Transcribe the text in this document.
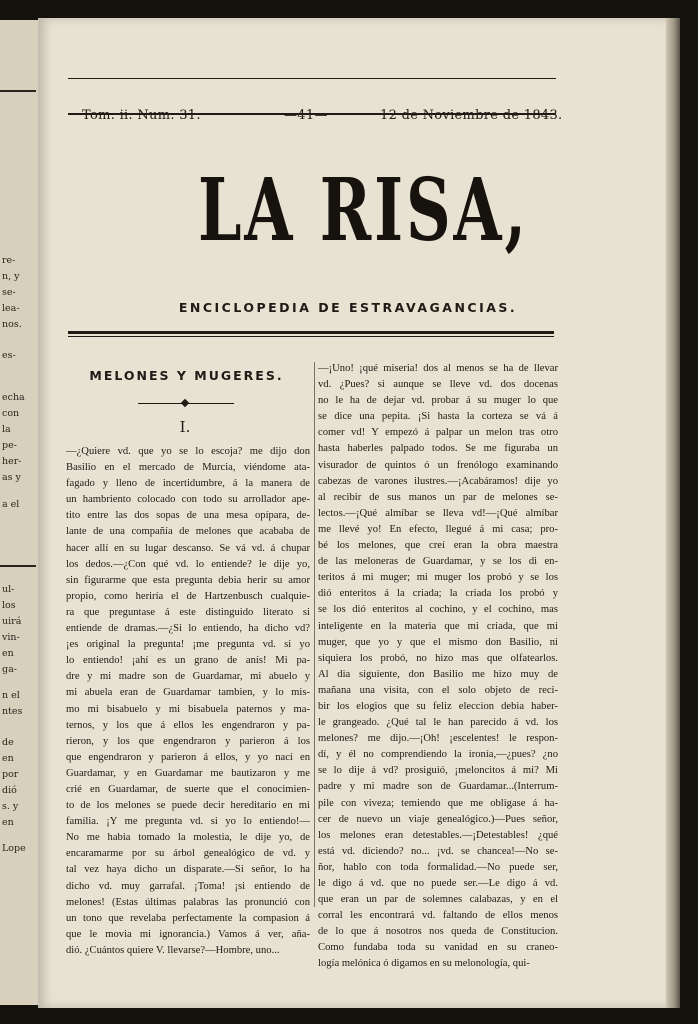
re-
n, y
se-
lea-
nos.
es-
echa
con
la
pe-
her-
as y
a el
ul-
los
uirá
vin-
en
ga-
n el
ntes
de
en
por
dió
s. y
en
Lope
Tom. ii. Num. 31.	—41—	12 de Noviembre de 1843.
LA RISA,
ENCICLOPEDIA DE ESTRAVAGANCIAS.
MELONES Y MUGERES.
I.
—¿Quiere vd. que yo se lo escoja? me dijo don
Basilio en el mercado de Murcia, viéndome ata-
fagado y lleno de incertidumbre, á la manera de
un hambriento colocado con todo su arrollador ape-
tito entre las dos sopas de una mesa opípara, de-
lante de una compañía de melones que acababa de
hacer allí en su lugar descanso. Se vá vd. á chupar
los dedos.—¿Con qué vd. lo entiende? le dije yo,
sin figurarme que esta pregunta debia herir su amor
propio, como heriría el de Hartzenbusch cualquie-
ra que preguntase á este distinguido literato si
entiende de dramas.—¿Si lo entiendo, ha dicho vd?
¡es original la pregunta! ¡me pregunta vd. si yo
lo entiendo! ¡ahí es un grano de anís! Mi pa-
dre y mi madre son de Guardamar, mi abuelo y
mi abuela eran de Guardamar tambien, y lo mis-
mo mi bisabuelo y mi bisabuela paternos y ma-
ternos, y los que á ellos les engendraron y pa-
rieron, y los que engendraron y parieron á los
que engendraron y parieron á ellos, y yo nací en
Guardamar, y en Guardamar me bautizaron y me
crié en Guardamar, de suerte que el conocimien-
to de los melones se puede decir hereditario en mi
familia. ¡Y me pregunta vd. si yo lo entiendo!—
No me habia tomado la molestia, le dije yo, de
encaramarme por su árbol genealógico de vd. y
tal vez haya dicho un disparate.—Si señor, lo ha
dicho vd. muy garrafal. ¡Toma! ¡si entiendo de
melones! (Estas últimas palabras las pronunció con
un tono que revelaba perfectamente la compasion á
que le movia mi ignorancia.) Vamos á ver, aña-
dió. ¿Cuántos quiere V. llevarse?—Hombre, uno...
—¡Uno! ¡qué miseria! dos al menos se ha de llevar
vd. ¿Pues? si aunque se lleve vd. dos docenas
no le ha de dejar vd. probar á su muger lo que
se dice una pepita. ¡Si hasta la corteza se vá á
comer vd! Y empezó á palpar un melon tras otro
hasta haberles palpado todos. Se me figuraba un
visurador de quintos ó un frenólogo examinando
cabezas de varones ilustres.—¡Acabáramos! dije yo
al recibir de sus manos un par de melones se-
lectos.—¡Qué almíbar se lleva vd!—¡Qué almíbar
me llevé yo! En efecto, llegué á mi casa; pro-
bé los melones, que creí eran la obra maestra
de las meloneras de Guardamar, y se los di en-
teritos á mi muger; mi muger los probó y se los
dió enteritos á la criada; la criada los probó y
se los dió enteritos al cochino, y el cochino, mas
inteligente en la materia que mi criada, que mi
muger, que yo y que el mismo don Basilio, ni
siquiera los probó, no hizo mas que olfatearlos.
Al dia siguiente, don Basilio me hizo muy de
mañana una visita, con el solo objeto de reci-
bir los elogios que su feliz eleccion debia haber-
le grangeado. ¿Qué tal le han parecido á vd. los
melones? me dijo.—¡Oh! ¡escelentes! le respon-
dí, y él no comprendiendo la ironía,—¿pues? ¿no
se lo dije á vd? prosiguió, ¡meloncitos á mi? Mi
padre y mi madre son de Guardamar...(Interrum-
pile con viveza; temiendo que me obligase á ha-
cer de nuevo un viaje genealógico.)—Pues señor,
los melones eran detestables.—¡Detestables! ¿qué
está vd. diciendo? no... ¡vd. se chancea!—No se-
ñor, hablo con toda formalidad.—No puede ser,
le digo á vd. que no puede ser.—Le digo á vd.
que eran un par de solemnes calabazas, y en el
corral les encontrará vd. faltando de ellos menos
de lo que á nosotros nos queda de Constitucion.
Como fundaba toda su vanidad en su craneo-
logía melónica ó digamos en su melonología, qui-
